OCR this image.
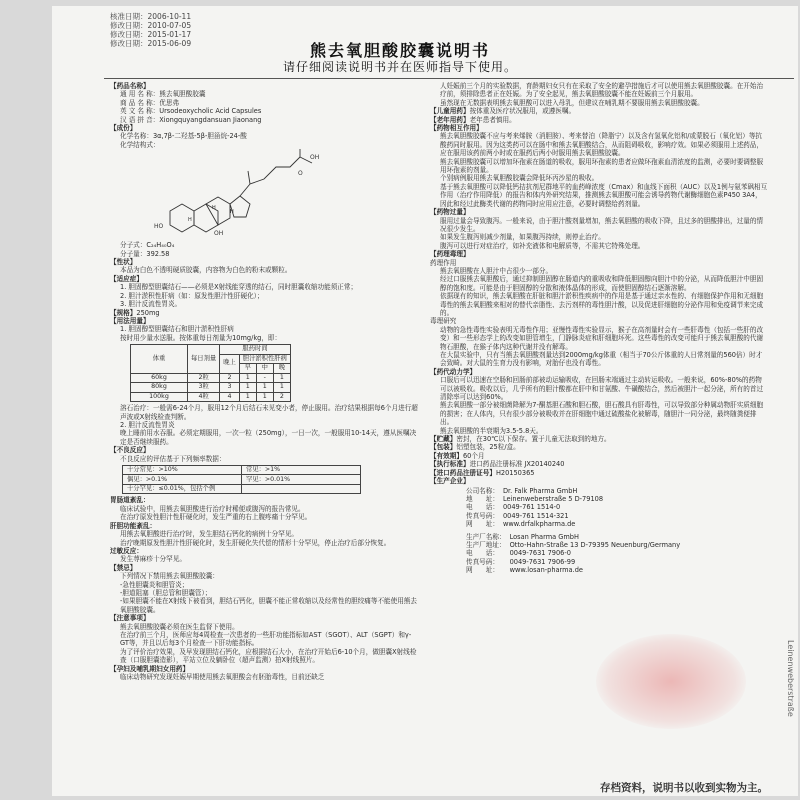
核准日期：2006-10-11
修改日期：2010-07-05
修改日期：2015-01-17
修改日期：2015-06-09	熊去氧胆酸胶囊说明书
请仔细阅读说明书并在医师指导下使用。

【药品名称】

通 用 名 称：熊去氧胆酸胶囊

商 品 名 称：优思弗

英 文 名 称：Ursodeoxycholic Acid Capsules

汉 语 拼 音：Xiongquyangdansuan Jiaonang

【成份】

化学名称：3α,7β-二羟基-5β-胆甾烷-24-酸

化学结构式：

HO
OH
OH
O
H
H
H

分子式：C₂₄H₄₀O₄

分子量：392.58

【性状】

本品为白色不透明硬质胶囊，内容物为白色的粉末或颗粒。

【适应症】

1. 胆固醇型胆囊结石——必须是X射线能穿透的结石，同时胆囊收缩功能须正常；

2. 胆汁淤积性肝病（如：原发性胆汁性肝硬化）；

3. 胆汁反流性胃炎。

【规格】250mg

【用法用量】

1. 胆固醇型胆囊结石和胆汁淤积性肝病

按时用少量水送服。按体重每日剂量为10mg/kg，即：

体重	每日剂量	服药时间			
		晚上	胆汁淤积性肝病		
			早	中	晚
60kg	2粒	2	1	-	1
80kg	3粒	3	1	1	1
100kg	4粒	4	1	1	2

溶石治疗：一般需6-24个月，服用12个月后结石未见变小者，停止服用。治疗结果根据每6个月进行超声波或X射线检查判断。

2. 胆汁反流性胃炎

晚上睡前用水吞服。必须定期服用，一次一粒（250mg），一日一次，一般服用10-14天，遵从医嘱决定是否继续服药。

【不良反应】

不良反应的评估基于下列频率数据：

十分常见：>10%	常见：>1%
偶见：>0.1%	罕见：>0.01%
十分罕见：≤0.01%，包括个例	

胃肠道紊乱：

临床试验中，用熊去氧胆酸进行治疗时稀便或腹泻的报告常见。

在治疗原发性胆汁性肝硬化时，发生严重的右上腹疼痛十分罕见。

肝胆功能紊乱：

用熊去氧胆酸进行治疗时，发生胆结石钙化的病例十分罕见。

治疗晚期原发性胆汁性肝硬化时，发生肝硬化失代偿的情形十分罕见，停止治疗后部分恢复。

过敏反应：

发生荨麻疹十分罕见。

【禁忌】

下列情况下禁用熊去氧胆酸胶囊：

-急性胆囊炎和胆管炎；

-胆道阻塞（胆总管和胆囊管）；

-如果胆囊不能在X射线下被看到，胆结石钙化，胆囊不能正常收缩以及经常性的胆绞痛等不能使用熊去氧胆酸胶囊。

【注意事项】

熊去氧胆酸胶囊必须在医生监督下使用。

在治疗前三个月，医师应每4周检查一次患者的一些肝功能指标如AST（SGOT）、ALT（SGPT）和γ-GT等，并且以后每3个月检查一下肝功能指标。

为了评价治疗效果，及早发现胆结石钙化，应根据结石大小，在治疗开始后6-10个月，做胆囊X射线检查（口服胆囊造影），平站立位及躺卧位（超声监测）拍X射线照片。

【孕妇及哺乳期妇女用药】

临床动物研究发现妊娠早期使用熊去氧胆酸会有胚胎毒性，目前还缺乏

人妊娠前三个月的实验数据，育龄期妇女只有在采取了安全的避孕措施后才可以使用熊去氧胆酸胶囊。在开始治疗前，须排除患者正在妊娠。为了安全起见，熊去氧胆酸胶囊不能在妊娠前三个月服用。

虽然现在无数据表明熊去氧胆酸可以进入母乳，但建议在哺乳期不要服用熊去氧胆酸胶囊。

【儿童用药】按体重及医疗状况服用，或遵医嘱。

【老年用药】老年患者慎用。

【药物相互作用】

熊去氧胆酸胶囊不应与考来烯胺（消胆胺）、考来替泊（降脂宁）以及含有氢氧化铝和/或蒙脱石（氧化铝）等抗酸药同时服用。因为这类药可以在肠中和熊去氧胆酸结合，从而阻碍吸收，影响疗效。如果必须服用上述药品，应在服用该药前两小时或在服药后两小时服用熊去氧胆酸胶囊。

熊去氧胆酸胶囊可以增加环孢素在肠道的吸收，服用环孢素的患者应做环孢素血清浓度的监测，必要时要调整服用环孢素的剂量。

个别病例服用熊去氧胆酸胶囊会降低环丙沙星的吸收。

基于熊去氧胆酸可以降低钙拮抗剂尼群地平的血药峰浓度（Cmax）和血线下面积（AUC）以及1例与氨苯砜相互作用（治疗作用降低）的报告和体内外研究结果，推测熊去氧胆酸可能会诱导药物代谢酶细胞色素P450 3A4，因此和经过此酶类代谢的药物同时应用应注意，必要时调整给药剂量。

【药物过量】

服用过量会导致腹泻。一般来说，由于胆汁酸剂量增加，熊去氧胆酸的吸收下降，且过多的胆酸排出，过量的情况很少发生。

如果发生腹泻则减少剂量，如果腹泻持续，则停止治疗。

腹泻可以进行对症治疗，如补充液体和电解质等，不需其它特殊处理。

【药理毒理】

药理作用

熊去氧胆酸在人胆汁中占很少一部分。

经过口服熊去氧胆酸后，通过抑制胆固醇在肠道内的重吸收和降低胆固醇向胆汁中的分泌，从而降低胆汁中胆固醇的饱和度。可能是由于胆固醇的分散和液体晶体的形成，而使胆固醇结石逐渐溶解。

依据现有的知识，熊去氧胆酸在肝脏和胆汁淤积性疾病中的作用是基于通过亲水性的、有细胞保护作用和无细胞毒性的熊去氧胆酸来相对的替代亲脂性、去污剂样的毒性胆汁酸，以及促进肝细胞的分泌作用和免疫调节来完成的。

毒理研究

动物的急性毒性实验表明无毒性作用；亚慢性毒性实验显示，猴子在高剂量时会有一些肝毒性（包括一些肝的改变）和一些形态学上的改变如胆管增生，门静脉炎症和肝细胞坏死。这些毒性的改变可能归于熊去氧胆酸的代谢物石胆酸，在猴子体内这种代谢并没有解毒。

在大鼠实验中，只有当熊去氧胆酸剂量达到2000mg/kg体重（相当于70公斤体重的人日常剂量的560倍）时才会致畸。对大鼠的生育力没有影响，对胎仔也没有毒性。

【药代动力学】

口服后可以迅速在空肠和回肠前部被动运输吸收，在回肠末端通过主动转运吸收。一般来说，60%-80%的药物可以被吸收。吸收以后，几乎所有的胆汁酸都在肝中和甘氨酸、牛磺酸结合，然后被胆汁一起分泌，所有的首过清除率可以达到60%。

熊去氧胆酸一部分被细菌降解为7-酮基胆石酸和胆石酸，胆石酸具有肝毒性，可以导致部分种属动物肝实质细胞的损害；在人体内，只有很少部分被吸收并在肝细胞中通过硫酸盐化被解毒，随胆汁一同分泌，最终随粪便排出。

熊去氧胆酸的半衰期为3.5-5.8天。

【贮藏】密封，在30℃以下保存。置于儿童无法取到的地方。

【包装】铝塑包装，25粒/盒。

【有效期】60个月

【执行标准】进口药品注册标准 JX20140240

【进口药品注册证号】H20150365

【生产企业】

公司名称：	Dr. Falk Pharma GmbH
地　　址：	Leinenweberstraße 5 D-79108
电　　话：	0049-761 1514-0
传真号码：	0049-761 1514-321
网　　址：	www.drfalkpharma.de
生产厂名称：	Losan Pharma GmbH
生产厂地址：	Otto-Hahn-Straße 13 D-79395 Neuenburg/Germany
电　　话：	0049-7631 7906-0
传真号码：	0049-7631 7906-99
网　　址：	www.losan-pharma.de
Leinenweberstraße
存档资料，说明书以收到实物为主。
